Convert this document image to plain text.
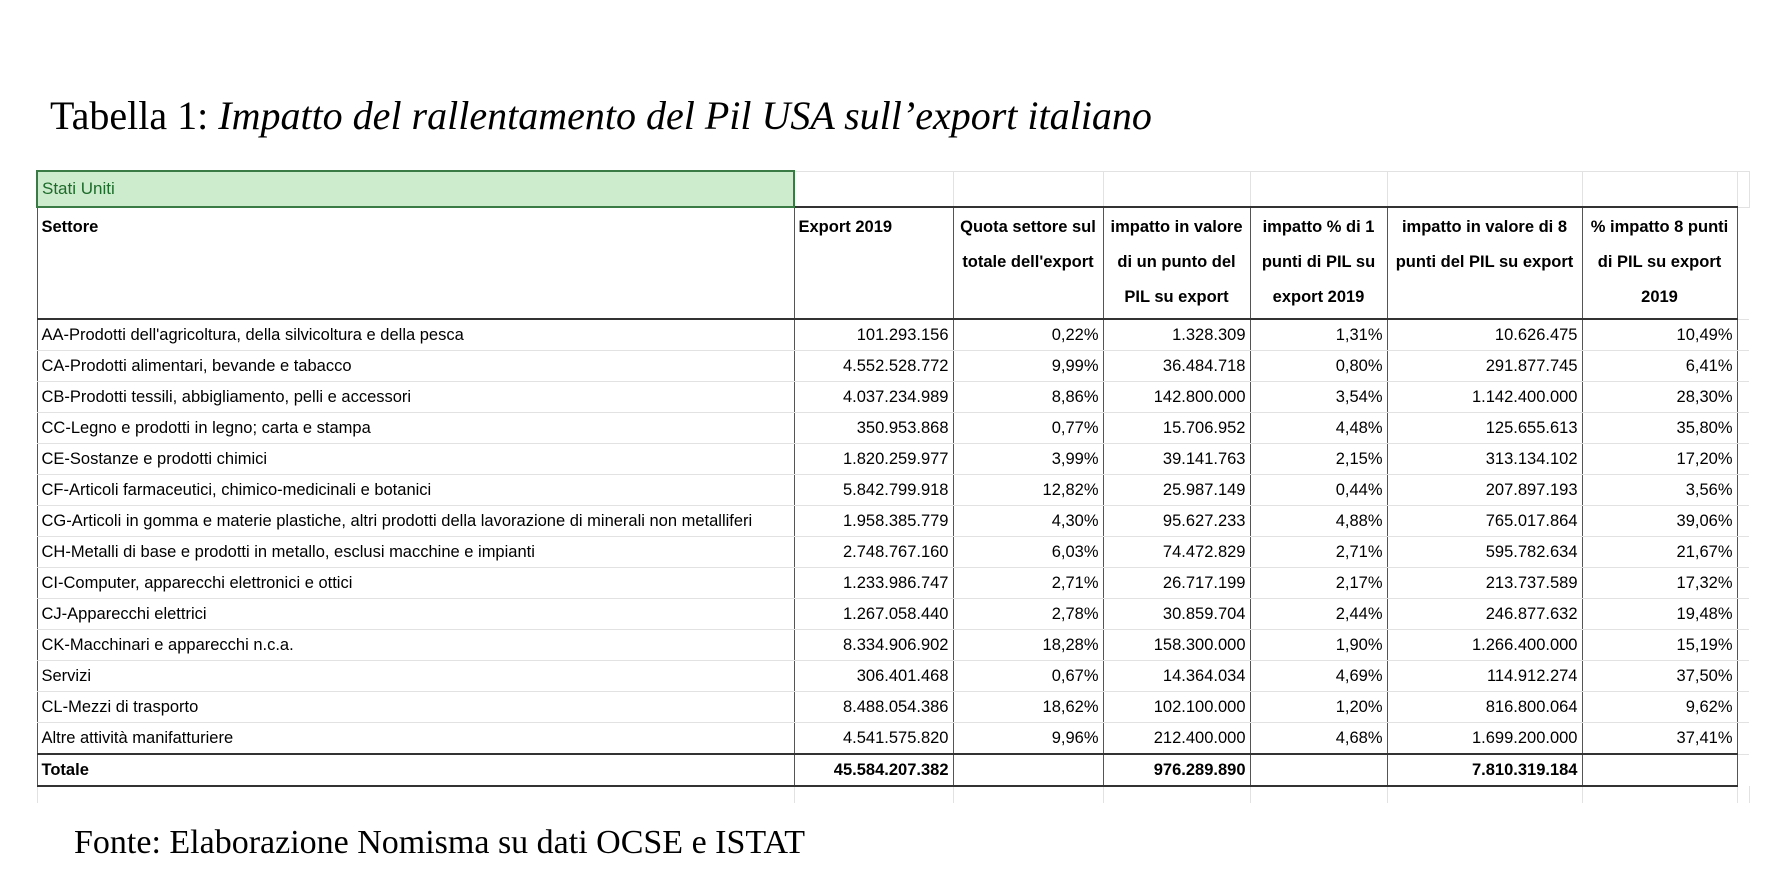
Tabella 1: Impatto del rallentamento del Pil USA sull’export italiano
Stati Uniti							
Settore	Export 2019	Quota settore sul totale dell'export	impatto in valore di un punto del PIL su export	impatto % di 1 punti di PIL su export 2019	impatto in valore di 8 punti del PIL su export	% impatto 8 punti di PIL su export 2019	
AA-Prodotti dell'agricoltura, della silvicoltura e della pesca	101.293.156	0,22%	1.328.309	1,31%	10.626.475	10,49%	
CA-Prodotti alimentari, bevande e tabacco	4.552.528.772	9,99%	36.484.718	0,80%	291.877.745	6,41%	
CB-Prodotti tessili, abbigliamento, pelli e accessori	4.037.234.989	8,86%	142.800.000	3,54%	1.142.400.000	28,30%	
CC-Legno e prodotti in legno; carta e stampa	350.953.868	0,77%	15.706.952	4,48%	125.655.613	35,80%	
CE-Sostanze e prodotti chimici	1.820.259.977	3,99%	39.141.763	2,15%	313.134.102	17,20%	
CF-Articoli farmaceutici, chimico-medicinali e botanici	5.842.799.918	12,82%	25.987.149	0,44%	207.897.193	3,56%	
CG-Articoli in gomma e materie plastiche, altri prodotti della lavorazione di minerali non metalliferi	1.958.385.779	4,30%	95.627.233	4,88%	765.017.864	39,06%	
CH-Metalli di base e prodotti in metallo, esclusi macchine e impianti	2.748.767.160	6,03%	74.472.829	2,71%	595.782.634	21,67%	
CI-Computer, apparecchi elettronici e ottici	1.233.986.747	2,71%	26.717.199	2,17%	213.737.589	17,32%	
CJ-Apparecchi elettrici	1.267.058.440	2,78%	30.859.704	2,44%	246.877.632	19,48%	
CK-Macchinari e apparecchi n.c.a.	8.334.906.902	18,28%	158.300.000	1,90%	1.266.400.000	15,19%	
Servizi	306.401.468	0,67%	14.364.034	4,69%	114.912.274	37,50%	
CL-Mezzi di trasporto	8.488.054.386	18,62%	102.100.000	1,20%	816.800.064	9,62%	
Altre attività manifatturiere	4.541.575.820	9,96%	212.400.000	4,68%	1.699.200.000	37,41%	
Totale	45.584.207.382		976.289.890		7.810.319.184		

Fonte: Elaborazione Nomisma su dati OCSE e ISTAT
